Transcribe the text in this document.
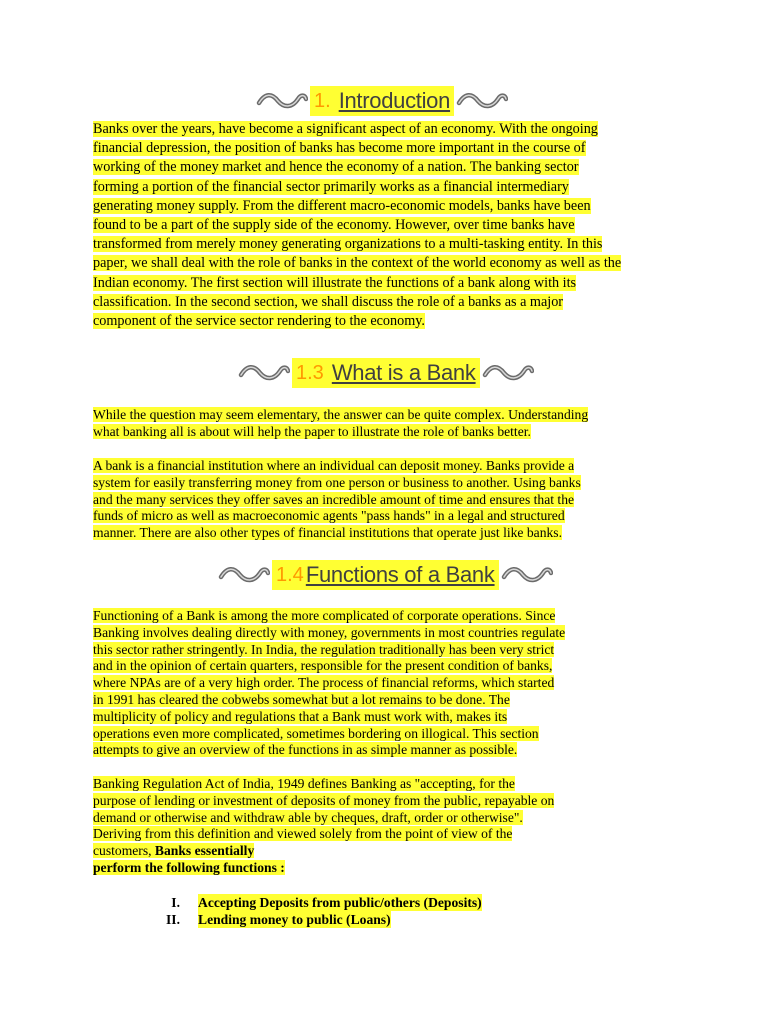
1. Introduction

Banks over the years, have become a significant aspect of an economy. With the ongoing
financial depression, the position of banks has become more important in the course of
working of the money market and hence the economy of a nation. The banking sector
forming a portion of the financial sector primarily works as a financial intermediary
generating money supply. From the different macro-economic models, banks have been
found to be a part of the supply side of the economy. However, over time banks have
transformed from merely money generating organizations to a multi-tasking entity. In this
paper, we shall deal with the role of banks in the context of the world economy as well as the
Indian economy. The first section will illustrate the functions of a bank along with its
classification. In the second section, we shall discuss the role of a banks as a major
component of the service sector rendering to the economy.

1.3 What is a Bank

While the question may seem elementary, the answer can be quite complex. Understanding
what banking all is about will help the paper to illustrate the role of banks better.

A bank is a financial institution where an individual can deposit money. Banks provide a
system for easily transferring money from one person or business to another. Using banks
and the many services they offer saves an incredible amount of time and ensures that the
funds of micro as well as macroeconomic agents "pass hands" in a legal and structured
manner. There are also other types of financial institutions that operate just like banks.

1.4 Functions of a Bank

Functioning of a Bank is among the more complicated of corporate operations. Since
Banking involves dealing directly with money, governments in most countries regulate
this sector rather stringently. In India, the regulation traditionally has been very strict
and in the opinion of certain quarters, responsible for the present condition of banks,
where NPAs are of a very high order. The process of financial reforms, which started
in 1991 has cleared the cobwebs somewhat but a lot remains to be done. The
multiplicity of policy and regulations that a Bank must work with, makes its
operations even more complicated, sometimes bordering on illogical. This section
attempts to give an overview of the functions in as simple manner as possible.

Banking Regulation Act of India, 1949 defines Banking as "accepting, for the
purpose of lending or investment of deposits of money from the public, repayable on
demand or otherwise and withdraw able by cheques, draft, order or otherwise".
Deriving from this definition and viewed solely from the point of view of the
customers, Banks essentially
perform the following functions :

I. Accepting Deposits from public/others (Deposits)
II. Lending money to public (Loans)
